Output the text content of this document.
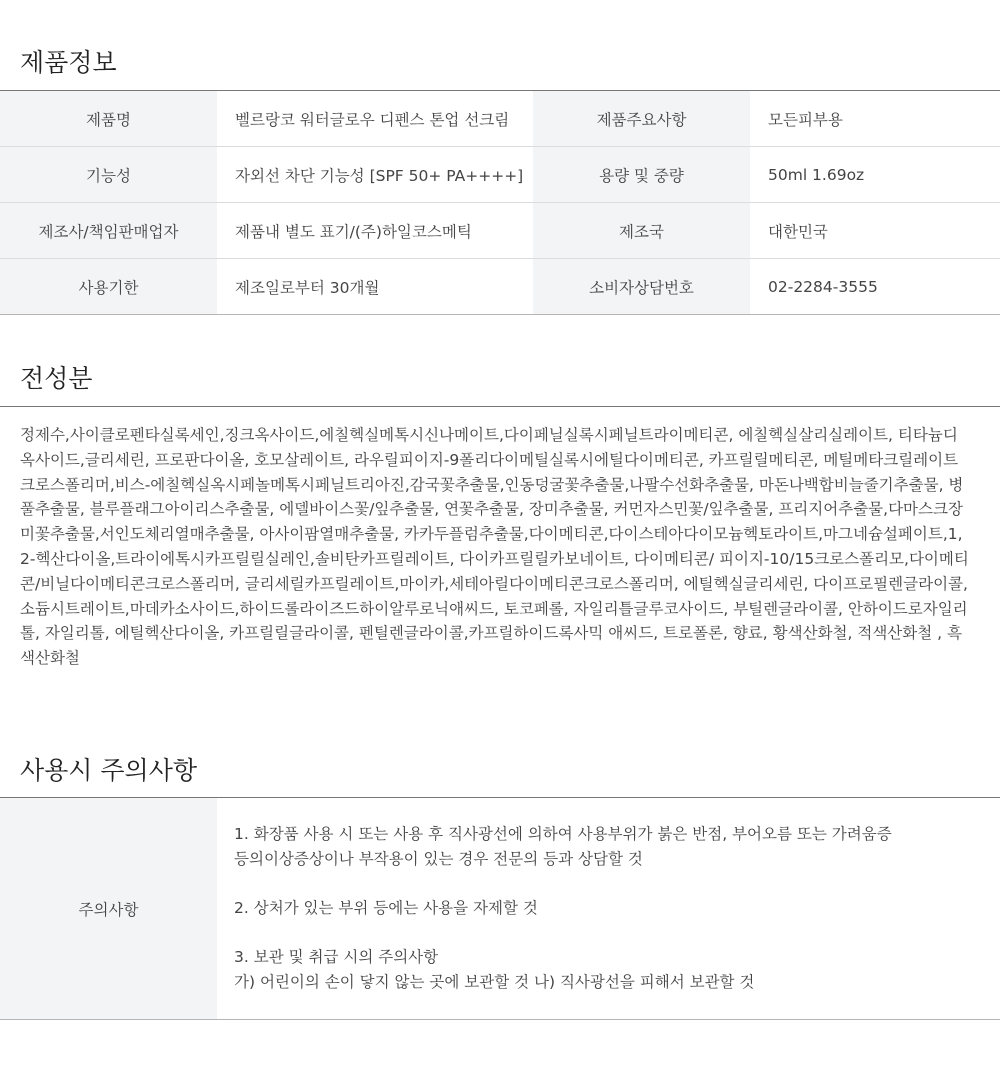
제품정보
제품명	벨르랑코 워터글로우 디펜스 톤업 선크림	제품주요사항	모든피부용
기능성	자외선 차단 기능성 [SPF 50+ PA++++]	용량 및 중량	50ml 1.69oz
제조사/책임판매업자	제품내 별도 표기/(주)하일코스메틱	제조국	대한민국
사용기한	제조일로부터 30개월	소비자상담번호	02-2284-3555
전성분
정제수,사이클로펜타실록세인,징크옥사이드,에칠헥실메톡시신나메이트,다이페닐실록시페닐트라이메티콘, 에칠헥실살리실레이트, 티타늄디옥사이드,글리세린, 프로판다이올, 호모살레이트, 라우릴피이지-9폴리다이메틸실록시에틸다이메티콘, 카프릴릴메티콘, 메틸메타크릴레이트크로스폴리머,비스-에칠헥실옥시페놀메톡시페닐트리아진,감국꽃추출물,인동덩굴꽃추출물,나팔수선화추출물, 마돈나백합비늘줄기추출물, 병풀추출물, 블루플래그아이리스추출물, 에델바이스꽃/잎추출물, 연꽃추출물, 장미추출물, 커먼자스민꽃/잎추출물, 프리지어추출물,다마스크장미꽃추출물,서인도체리열매추출물, 아사이팜열매추출물, 카카두플럼추출물,다이메티콘,다이스테아다이모늄헥토라이트,마그네슘설페이트,1,2-헥산다이올,트라이에톡시카프릴릴실레인,솔비탄카프릴레이트, 다이카프릴릴카보네이트, 다이메티콘/ 피이지-10/15크로스폴리모,다이메티콘/비닐다이메티콘크로스폴리머, 글리세릴카프릴레이트,마이카,세테아릴다이메티콘크로스폴리머, 에틸헥실글리세린, 다이프로필렌글라이콜, 소듐시트레이트,마데카소사이드,하이드롤라이즈드하이알루로닉애씨드, 토코페롤, 자일리틀글루코사이드, 부틸렌글라이콜, 안하이드로자일리톨, 자일리톨, 에틸헥산다이올, 카프릴릴글라이콜, 펜틸렌글라이콜,카프릴하이드록사믹 애씨드, 트로폴론, 향료, 황색산화철, 적색산화철 , 흑색산화철
사용시 주의사항
주의사항
1. 화장품 사용 시 또는 사용 후 직사광선에 의하여 사용부위가 붉은 반점, 부어오름 또는 가려움증
등의이상증상이나 부작용이 있는 경우 전문의 등과 상담할 것
2. 상처가 있는 부위 등에는 사용을 자제할 것
3. 보관 및 취급 시의 주의사항
가) 어린이의 손이 닿지 않는 곳에 보관할 것 나) 직사광선을 피해서 보관할 것
